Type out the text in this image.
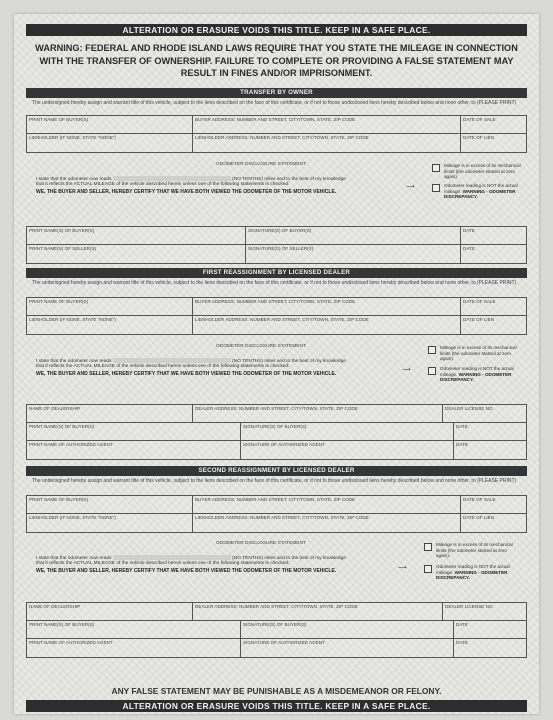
ALTERATION OR ERASURE VOIDS THIS TITLE. KEEP IN A SAFE PLACE.
WARNING: FEDERAL AND RHODE ISLAND LAWS REQUIRE THAT YOU STATE THE MILEAGE IN CONNECTION WITH THE TRANSFER OF OWNERSHIP. FAILURE TO COMPLETE OR PROVIDING A FALSE STATEMENT MAY RESULT IN FINES AND/OR IMPRISONMENT.
TRANSFER BY OWNER
The undersigned hereby assign and warrant title of this vehicle, subject to the liens described on the face of this certificate, or if not to those undisclosed liens hereby described below and none other, to (PLEASE PRINT)
PRINT NAME OF BUYER(S)	BUYER ADDRESS: NUMBER AND STREET, CITY/TOWN, STATE, ZIP CODE	DATE OF SALE
LIENHOLDER (IF NONE, STATE "NONE")	LIENHOLDER ADDRESS: NUMBER AND STREET, CITY/TOWN, STATE, ZIP CODE	DATE OF LIEN
ODOMETER DISCLOSURE STATEMENT
I state that the odometer now reads	(NO TENTHS) miles and to the best of my knowledge
that it reflects the ACTUAL MILEAGE of the vehicle described herein unless one of the following statements is checked:
WE, THE BUYER AND SELLER, HEREBY CERTIFY THAT WE HAVE BOTH VIEWED THE ODOMETER OF THE MOTOR VEHICLE.
Mileage is in excess of its mechanical limits (the odometer started at zero again).
⟶	Odometer reading is NOT the actual mileage. WARNING - ODOMETER DISCREPANCY.
PRINT NAME(S) OF BUYER(S)	SIGNATURE(S) OF BUYER(S)	DATE
PRINT NAME(S) OF SELLER(S)	SIGNATURE(S) OF SELLER(S)	DATE
FIRST REASSIGNMENT BY LICENSED DEALER
The undersigned hereby assign and warrant title of this vehicle, subject to the liens described on the face of this certificate, or if not to those undisclosed liens hereby described below and none other, to (PLEASE PRINT)
PRINT NAME OF BUYER(S)	BUYER ADDRESS: NUMBER AND STREET, CITY/TOWN, STATE, ZIP CODE	DATE OF SALE
LIENHOLDER (IF NONE, STATE "NONE")	LIENHOLDER ADDRESS: NUMBER AND STREET, CITY/TOWN, STATE, ZIP CODE	DATE OF LIEN
ODOMETER DISCLOSURE STATEMENT
I state that the odometer now reads	(NO TENTHS) miles and to the best of my knowledge
that it reflects the ACTUAL MILEAGE of the vehicle described herein unless one of the following statements is checked:
WE, THE BUYER AND SELLER, HEREBY CERTIFY THAT WE HAVE BOTH VIEWED THE ODOMETER OF THE MOTOR VEHICLE.
Mileage is in excess of its mechanical limits (the odometer started at zero again).
⟶	Odometer reading is NOT the actual mileage. WARNING - ODOMETER DISCREPANCY.
NAME OF DEALERSHIP	DEALER ADDRESS: NUMBER AND STREET, CITY/TOWN, STATE, ZIP CODE	DEALER LICENSE NO.
PRINT NAME(S) OF BUYER(S)	SIGNATURE(S) OF BUYER(S)	DATE
PRINT NAME OF AUTHORIZED AGENT	SIGNATURE OF AUTHORIZED AGENT	DATE
SECOND REASSIGNMENT BY LICENSED DEALER
The undersigned hereby assign and warrant title of this vehicle, subject to the liens described on the face of this certificate, or if not to those undisclosed liens hereby described below and none other, to (PLEASE PRINT)
PRINT NAME OF BUYER(S)	BUYER ADDRESS: NUMBER AND STREET, CITY/TOWN, STATE, ZIP CODE	DATE OF SALE
LIENHOLDER (IF NONE, STATE "NONE")	LIENHOLDER ADDRESS: NUMBER AND STREET, CITY/TOWN, STATE, ZIP CODE	DATE OF LIEN
ODOMETER DISCLOSURE STATEMENT
I state that the odometer now reads	(NO TENTHS) miles and to the best of my knowledge
that it reflects the ACTUAL MILEAGE of the vehicle described herein unless one of the following statements is checked:
WE, THE BUYER AND SELLER, HEREBY CERTIFY THAT WE HAVE BOTH VIEWED THE ODOMETER OF THE MOTOR VEHICLE.
Mileage is in excess of its mechanical limits (the odometer started at zero again).
⟶	Odometer reading is NOT the actual mileage. WARNING - ODOMETER DISCREPANCY.
NAME OF DEALERSHIP	DEALER ADDRESS: NUMBER AND STREET, CITY/TOWN, STATE, ZIP CODE	DEALER LICENSE NO.
PRINT NAME(S) OF BUYER(S)	SIGNATURE(S) OF BUYER(S)	DATE
PRINT NAME OF AUTHORIZED AGENT	SIGNATURE OF AUTHORIZED AGENT	DATE
ANY FALSE STATEMENT MAY BE PUNISHABLE AS A MISDEMEANOR OR FELONY.
ALTERATION OR ERASURE VOIDS THIS TITLE. KEEP IN A SAFE PLACE.
